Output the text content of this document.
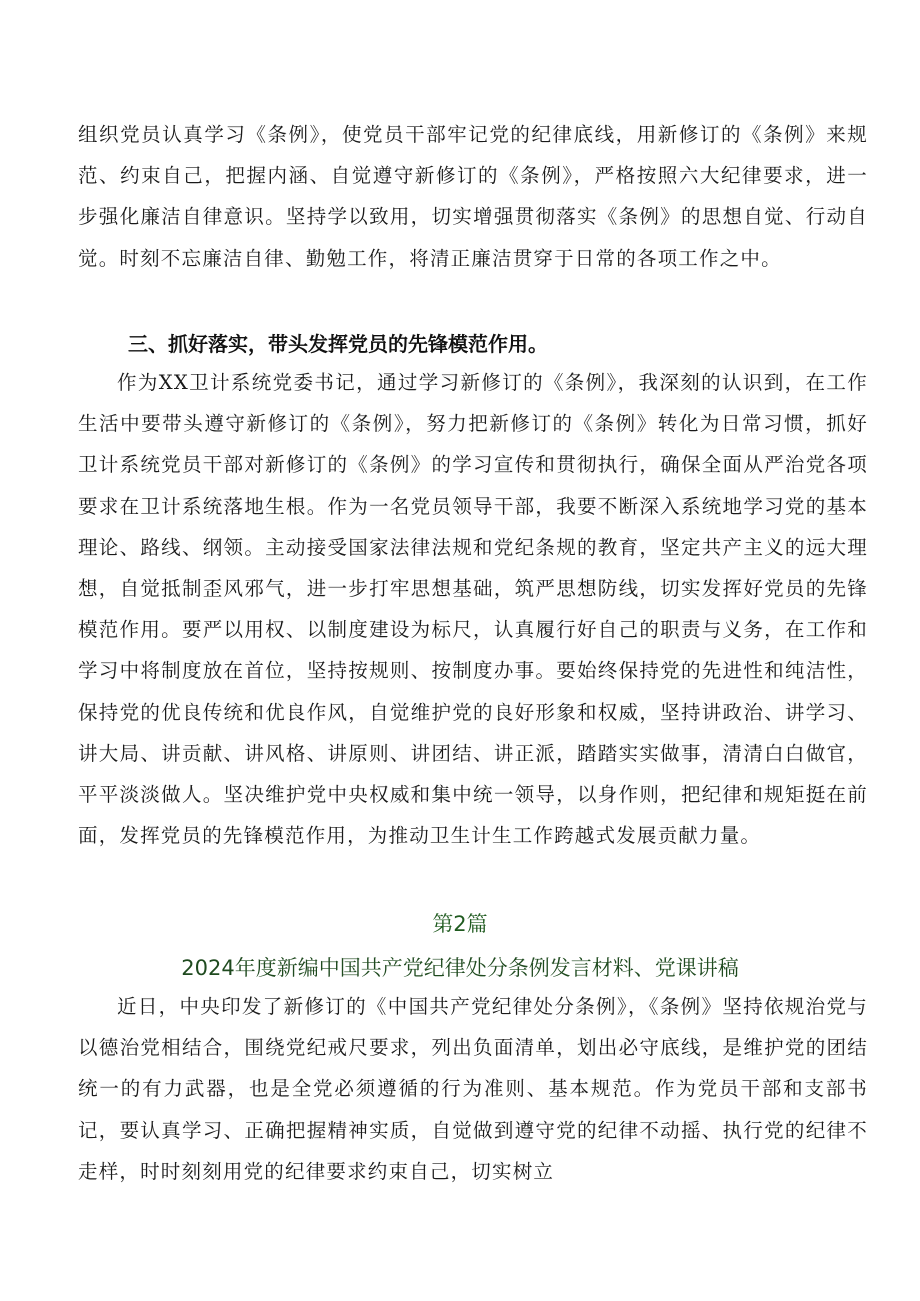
组织党员认真学习《条例》，使党员干部牢记党的纪律底线，用新修订的《条例》来规范、约束自己，把握内涵、自觉遵守新修订的《条例》，严格按照六大纪律要求，进一步强化廉洁自律意识。坚持学以致用，切实增强贯彻落实《条例》的思想自觉、行动自觉。时刻不忘廉洁自律、勤勉工作，将清正廉洁贯穿于日常的各项工作之中。

三、抓好落实，带头发挥党员的先锋模范作用。

作为XX卫计系统党委书记，通过学习新修订的《条例》，我深刻的认识到，在工作生活中要带头遵守新修订的《条例》，努力把新修订的《条例》转化为日常习惯，抓好卫计系统党员干部对新修订的《条例》的学习宣传和贯彻执行，确保全面从严治党各项要求在卫计系统落地生根。作为一名党员领导干部，我要不断深入系统地学习党的基本理论、路线、纲领。主动接受国家法律法规和党纪条规的教育，坚定共产主义的远大理想，自觉抵制歪风邪气，进一步打牢思想基础，筑严思想防线，切实发挥好党员的先锋模范作用。要严以用权、以制度建设为标尺，认真履行好自己的职责与义务，在工作和学习中将制度放在首位，坚持按规则、按制度办事。要始终保持党的先进性和纯洁性，保持党的优良传统和优良作风，自觉维护党的良好形象和权威，坚持讲政治、讲学习、讲大局、讲贡献、讲风格、讲原则、讲团结、讲正派，踏踏实实做事，清清白白做官，平平淡淡做人。坚决维护党中央权威和集中统一领导，以身作则，把纪律和规矩挺在前面，发挥党员的先锋模范作用，为推动卫生计生工作跨越式发展贡献力量。

第2篇

2024年度新编中国共产党纪律处分条例发言材料、党课讲稿

近日，中央印发了新修订的《中国共产党纪律处分条例》，《条例》坚持依规治党与以德治党相结合，围绕党纪戒尺要求，列出负面清单，划出必守底线，是维护党的团结统一的有力武器，也是全党必须遵循的行为准则、基本规范。作为党员干部和支部书记，要认真学习、正确把握精神实质，自觉做到遵守党的纪律不动摇、执行党的纪律不走样，时时刻刻用党的纪律要求约束自己，切实树立
